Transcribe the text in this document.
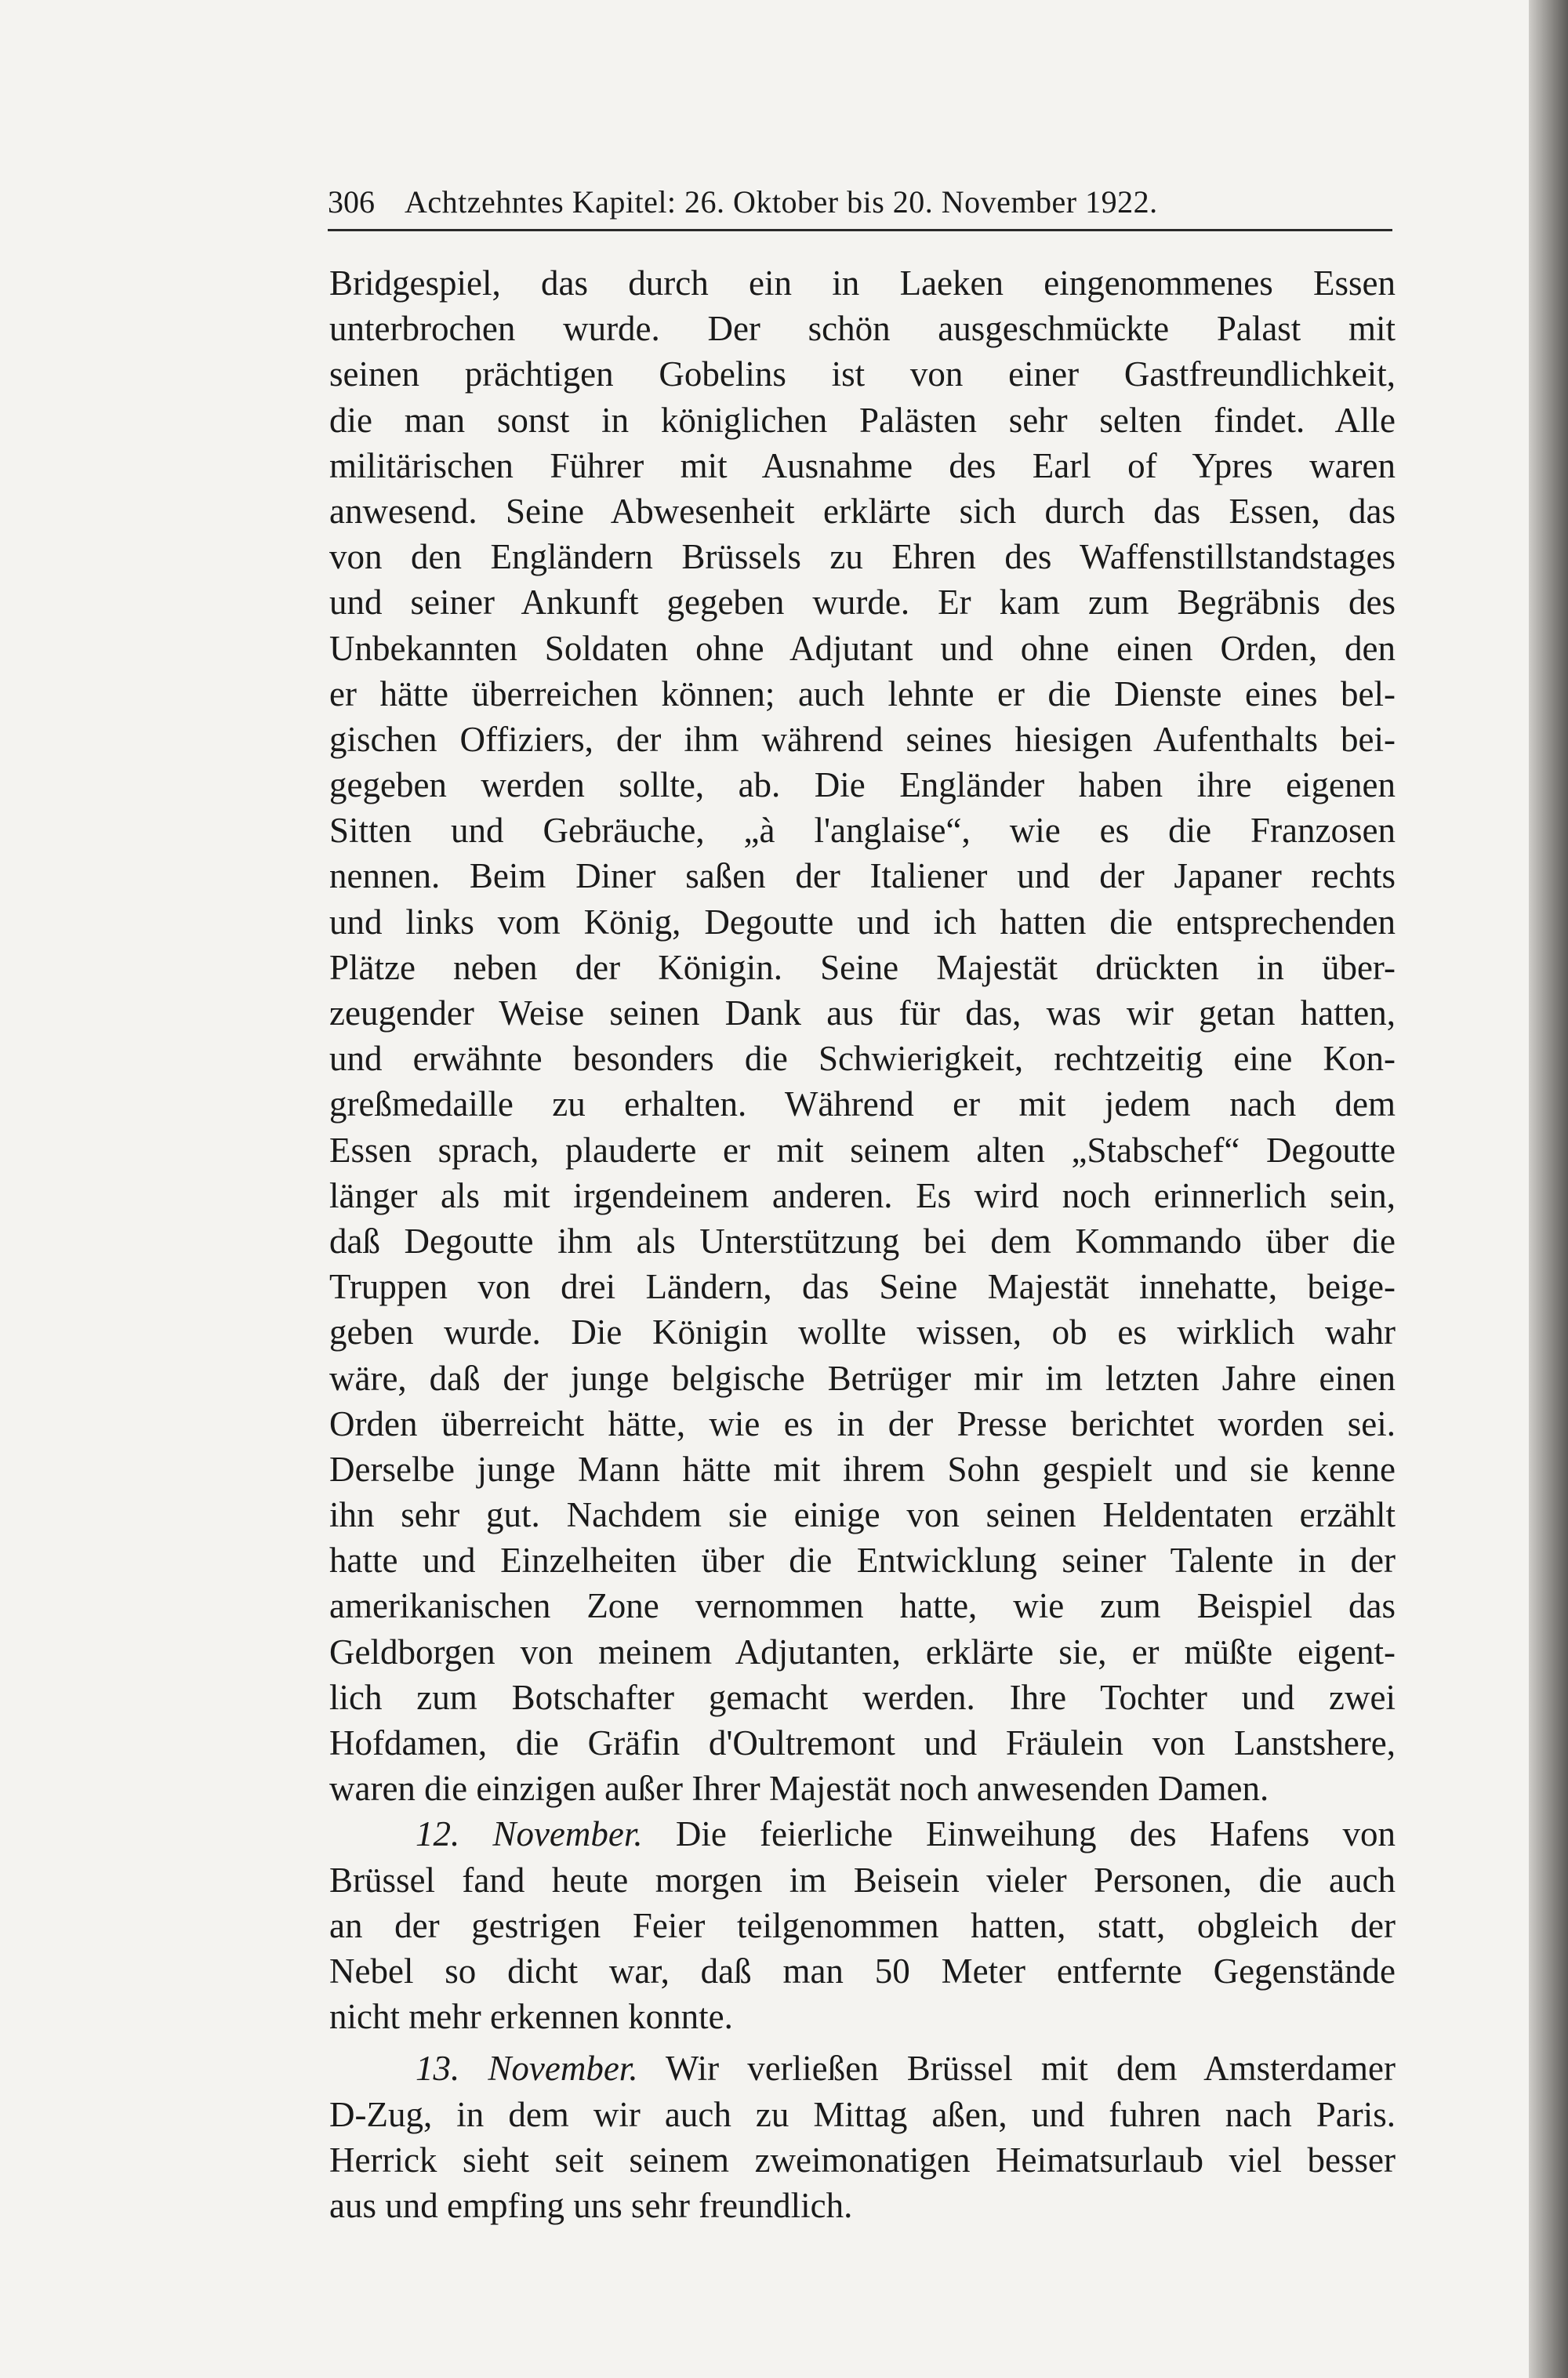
306 Achtzehntes Kapitel: 26. Oktober bis 20. November 1922.
Bridgespiel, das durch ein in Laeken eingenommenes Essen
unterbrochen wurde. Der schön ausgeschmückte Palast mit
seinen prächtigen Gobelins ist von einer Gastfreundlichkeit,
die man sonst in königlichen Palästen sehr selten findet. Alle
militärischen Führer mit Ausnahme des Earl of Ypres waren
anwesend. Seine Abwesenheit erklärte sich durch das Essen, das
von den Engländern Brüssels zu Ehren des Waffenstillstandstages
und seiner Ankunft gegeben wurde. Er kam zum Begräbnis des
Unbekannten Soldaten ohne Adjutant und ohne einen Orden, den
er hätte überreichen können; auch lehnte er die Dienste eines bel-
gischen Offiziers, der ihm während seines hiesigen Aufenthalts bei-
gegeben werden sollte, ab. Die Engländer haben ihre eigenen
Sitten und Gebräuche, „à l'anglaise“, wie es die Franzosen
nennen. Beim Diner saßen der Italiener und der Japaner rechts
und links vom König, Degoutte und ich hatten die entsprechenden
Plätze neben der Königin. Seine Majestät drückten in über-
zeugender Weise seinen Dank aus für das, was wir getan hatten,
und erwähnte besonders die Schwierigkeit, rechtzeitig eine Kon-
greßmedaille zu erhalten. Während er mit jedem nach dem
Essen sprach, plauderte er mit seinem alten „Stabschef“ Degoutte
länger als mit irgendeinem anderen. Es wird noch erinnerlich sein,
daß Degoutte ihm als Unterstützung bei dem Kommando über die
Truppen von drei Ländern, das Seine Majestät innehatte, beige-
geben wurde. Die Königin wollte wissen, ob es wirklich wahr
wäre, daß der junge belgische Betrüger mir im letzten Jahre einen
Orden überreicht hätte, wie es in der Presse berichtet worden sei.
Derselbe junge Mann hätte mit ihrem Sohn gespielt und sie kenne
ihn sehr gut. Nachdem sie einige von seinen Heldentaten erzählt
hatte und Einzelheiten über die Entwicklung seiner Talente in der
amerikanischen Zone vernommen hatte, wie zum Beispiel das
Geldborgen von meinem Adjutanten, erklärte sie, er müßte eigent-
lich zum Botschafter gemacht werden. Ihre Tochter und zwei
Hofdamen, die Gräfin d'Oultremont und Fräulein von Lanstshere,
waren die einzigen außer Ihrer Majestät noch anwesenden Damen.
12. November. Die feierliche Einweihung des Hafens von
Brüssel fand heute morgen im Beisein vieler Personen, die auch
an der gestrigen Feier teilgenommen hatten, statt, obgleich der
Nebel so dicht war, daß man 50 Meter entfernte Gegenstände
nicht mehr erkennen konnte.
13. November. Wir verließen Brüssel mit dem Amsterdamer
D-Zug, in dem wir auch zu Mittag aßen, und fuhren nach Paris.
Herrick sieht seit seinem zweimonatigen Heimatsurlaub viel besser
aus und empfing uns sehr freundlich.
